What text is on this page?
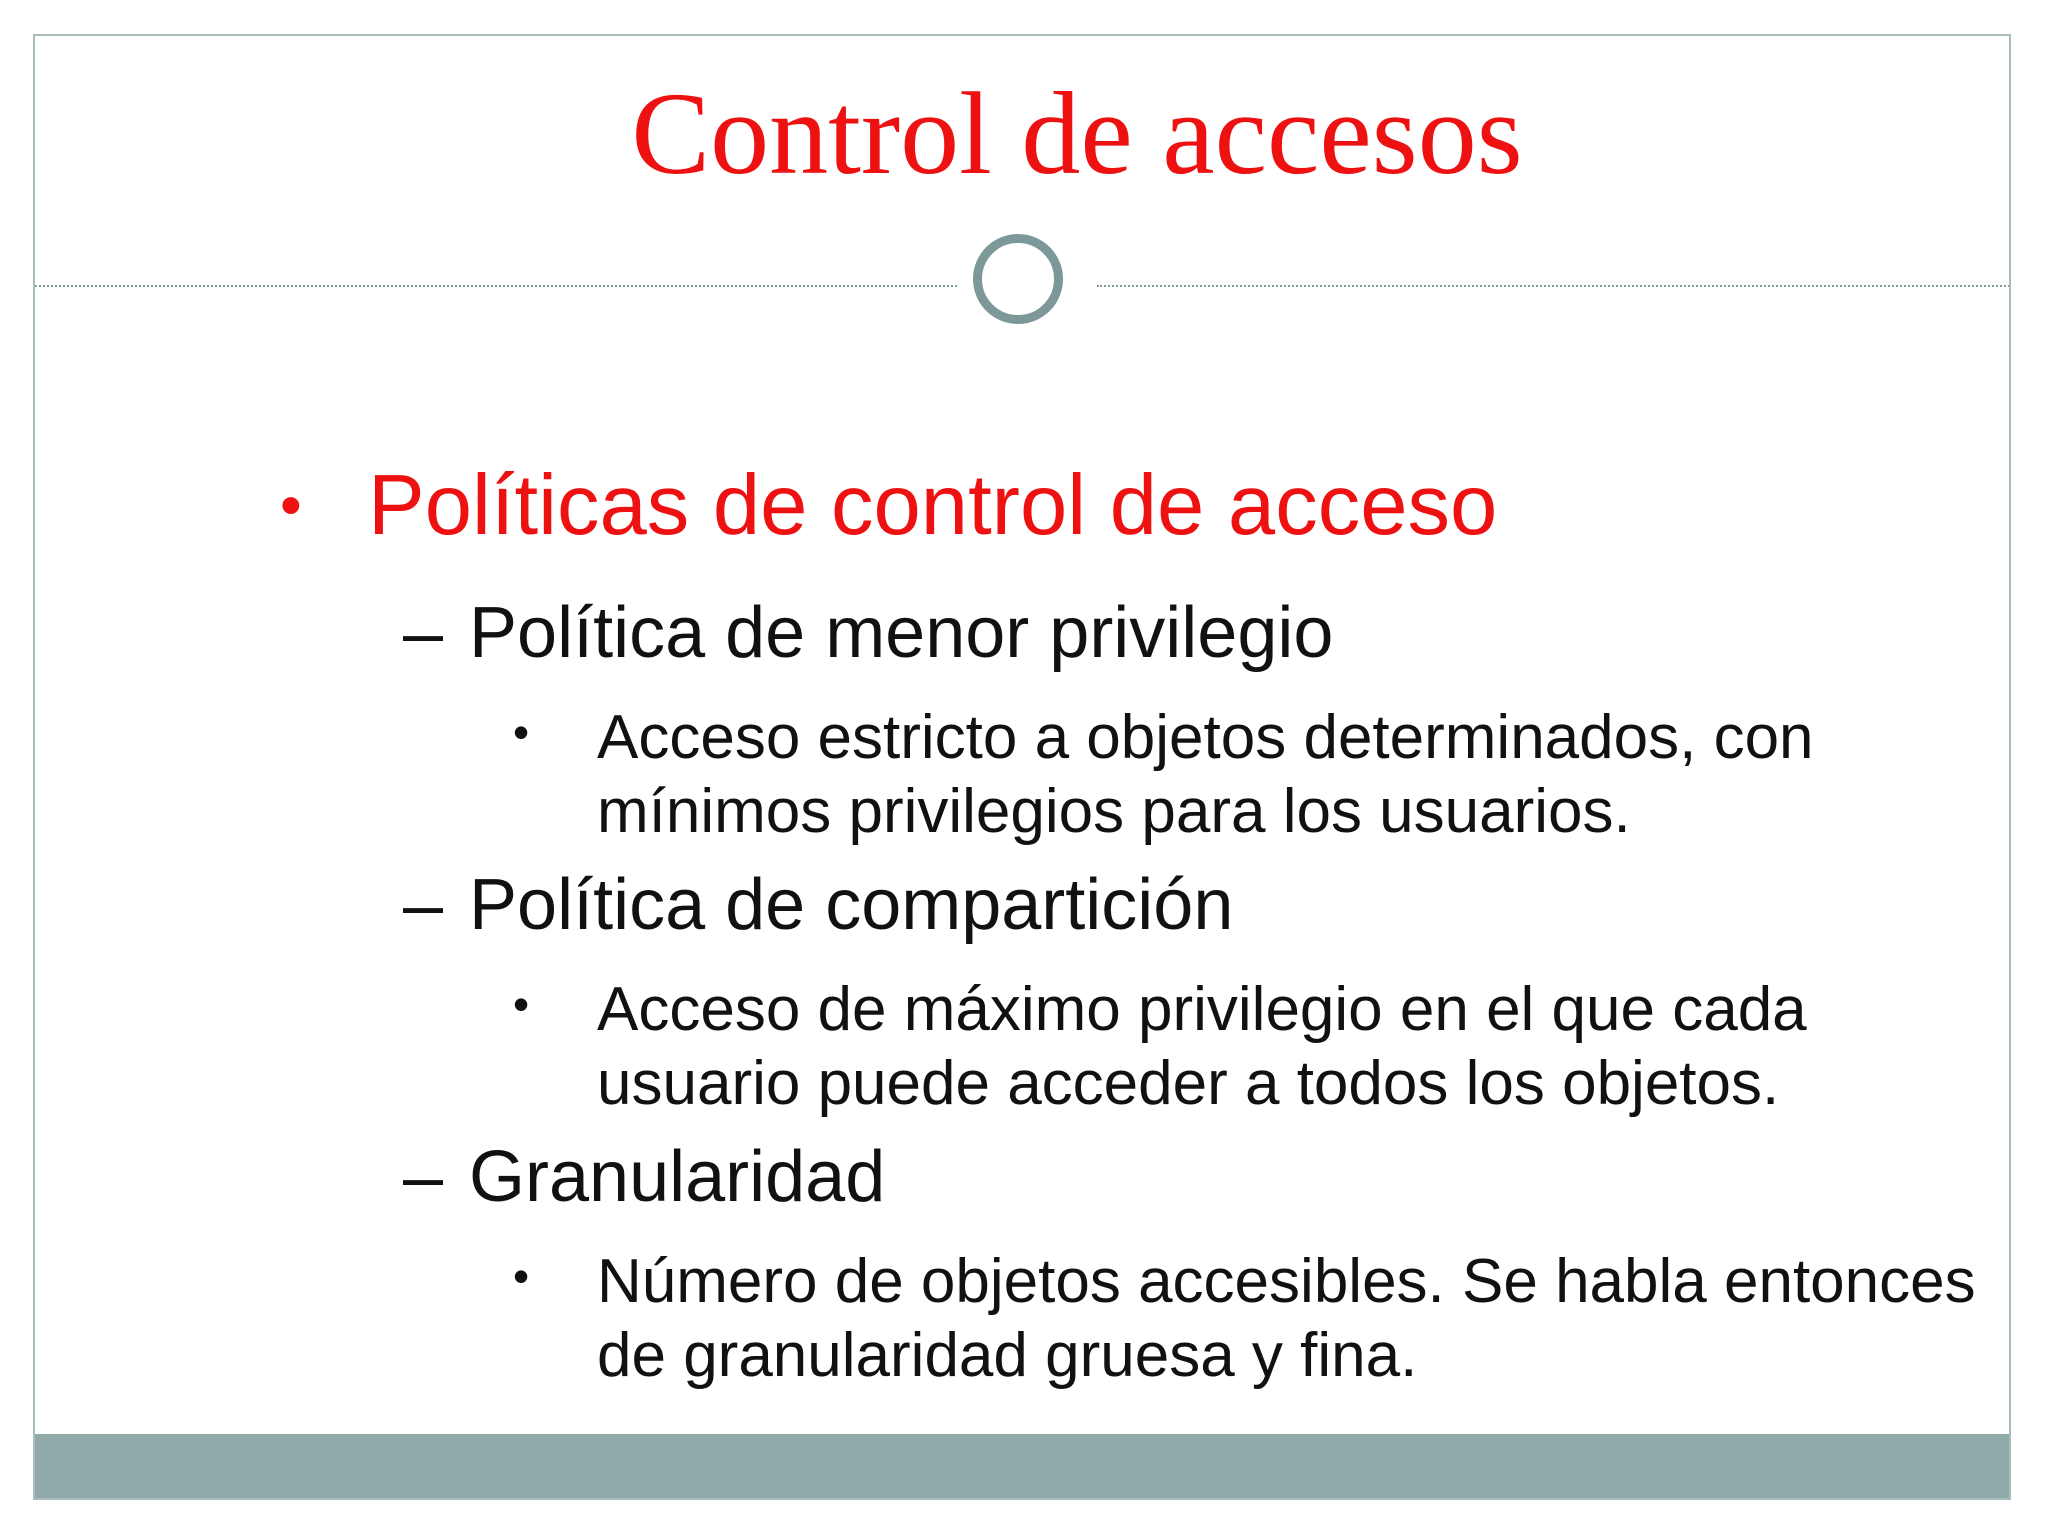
Control de accesos
• Políticas de control de acceso
– Política de menor privilegio
• Acceso estricto a objetos determinados, con mínimos privilegios para los usuarios.
– Política de compartición
• Acceso de máximo privilegio en el que cada usuario puede acceder a todos los objetos.
– Granularidad
• Número de objetos accesibles. Se habla entonces de granularidad gruesa y fina.
